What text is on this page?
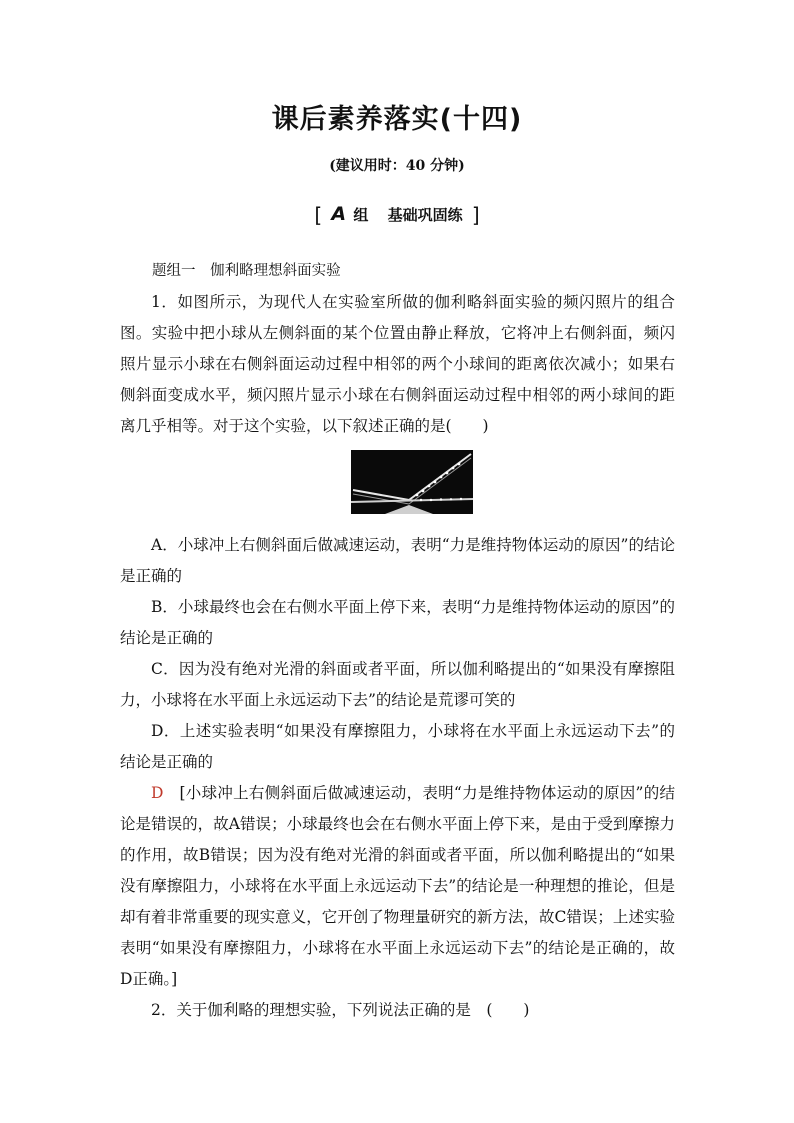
课后素养落实(十四)
(建议用时：40 分钟)
[ A 组 基础巩固练 ]
题组一 伽利略理想斜面实验

1．如图所示，为现代人在实验室所做的伽利略斜面实验的频闪照片的组合图。实验中把小球从左侧斜面的某个位置由静止释放，它将冲上右侧斜面，频闪照片显示小球在右侧斜面运动过程中相邻的两个小球间的距离依次减小；如果右侧斜面变成水平，频闪照片显示小球在右侧斜面运动过程中相邻的两小球间的距离几乎相等。对于这个实验，以下叙述正确的是(　　)

A．小球冲上右侧斜面后做减速运动，表明“力是维持物体运动的原因”的结论是正确的

B．小球最终也会在右侧水平面上停下来，表明“力是维持物体运动的原因”的结论是正确的

C．因为没有绝对光滑的斜面或者平面，所以伽利略提出的“如果没有摩擦阻力，小球将在水平面上永远运动下去”的结论是荒谬可笑的

D．上述实验表明“如果没有摩擦阻力，小球将在水平面上永远运动下去”的结论是正确的

D　 [小球冲上右侧斜面后做减速运动，表明“力是维持物体运动的原因”的结论是错误的，故A错误；小球最终也会在右侧水平面上停下来，是由于受到摩擦力的作用，故B错误；因为没有绝对光滑的斜面或者平面，所以伽利略提出的“如果没有摩擦阻力，小球将在水平面上永远运动下去”的结论是一种理想的推论，但是却有着非常重要的现实意义，它开创了物理量研究的新方法，故C错误；上述实验表明“如果没有摩擦阻力，小球将在水平面上永远运动下去”的结论是正确的，故D正确。]

2．关于伽利略的理想实验，下列说法正确的是　(　　)
